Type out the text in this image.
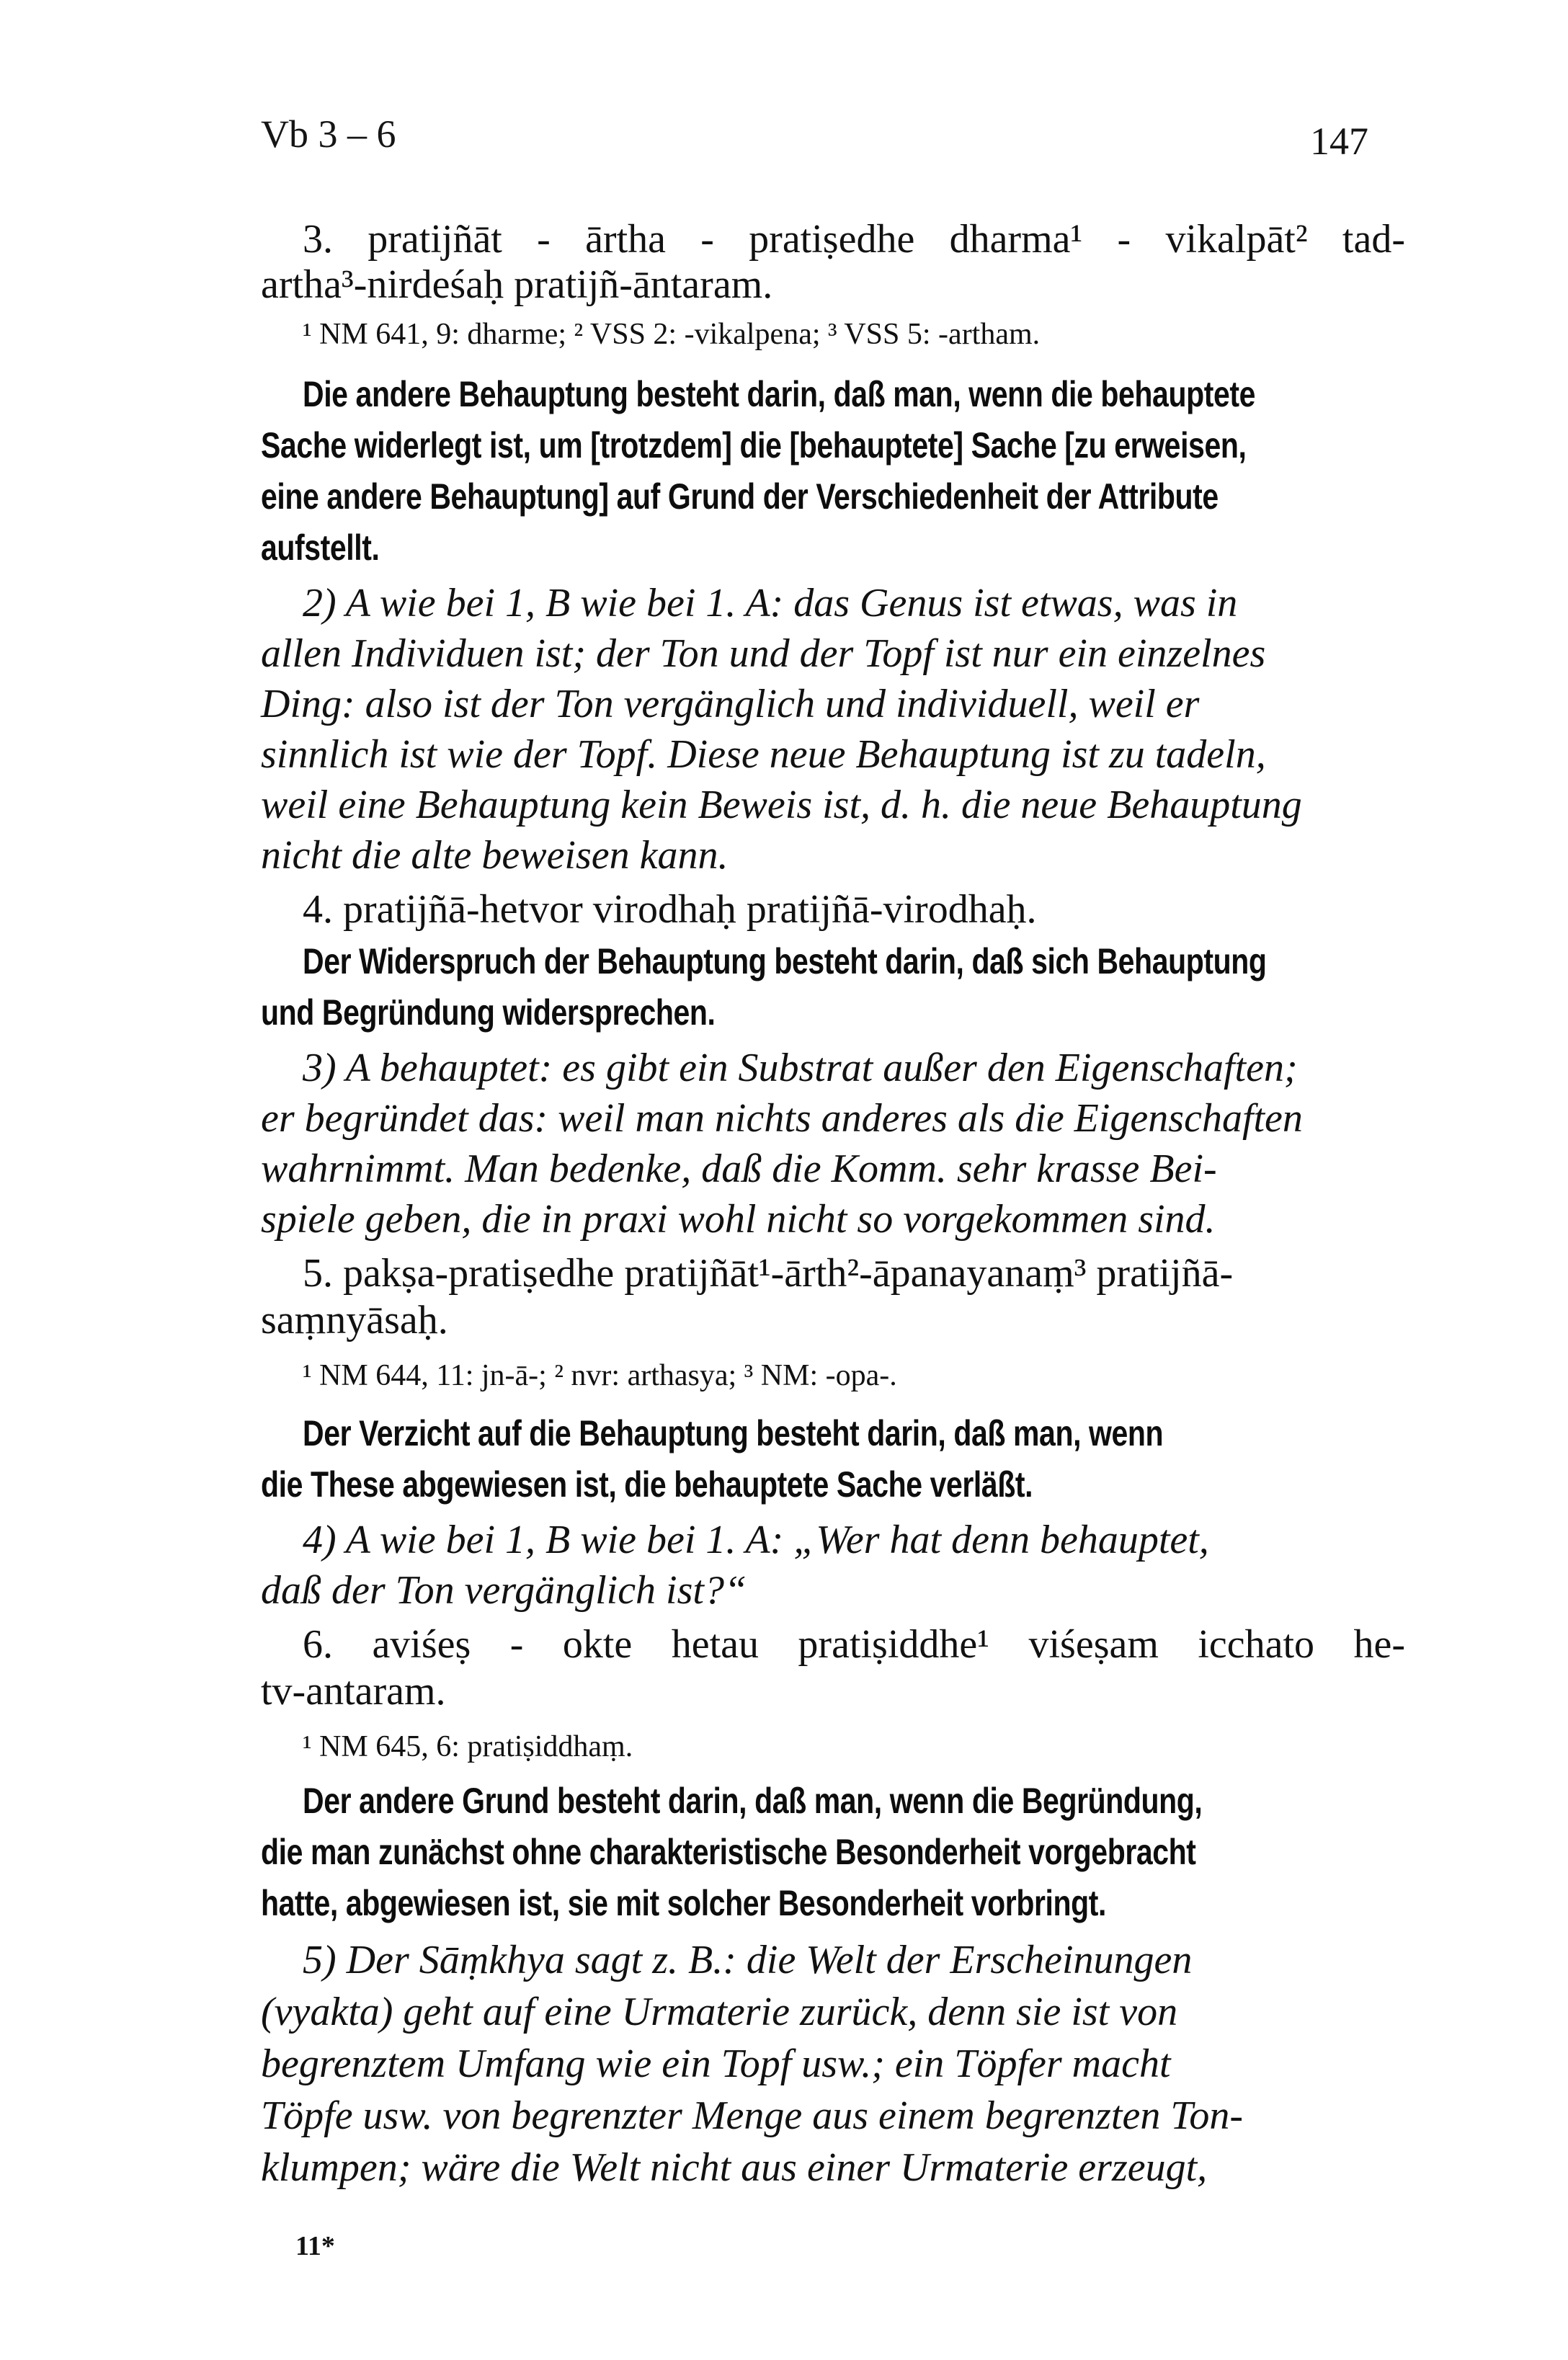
Vb 3 – 6	147
3. pratijñāt - ārtha - pratiṣedhe dharma¹ - vikalpāt² tad-
artha³-nirdeśaḥ pratijñ-āntaram.
¹ NM 641, 9: dharme; ² VSS 2: -vikalpena; ³ VSS 5: -artham.
Die andere Behauptung besteht darin, daß man, wenn die behauptete
Sache widerlegt ist, um [trotzdem] die [behauptete] Sache [zu erweisen,
eine andere Behauptung] auf Grund der Verschiedenheit der Attribute
aufstellt.
2) A wie bei 1, B wie bei 1. A: das Genus ist etwas, was in
allen Individuen ist; der Ton und der Topf ist nur ein einzelnes
Ding: also ist der Ton vergänglich und individuell, weil er
sinnlich ist wie der Topf. Diese neue Behauptung ist zu tadeln,
weil eine Behauptung kein Beweis ist, d. h. die neue Behauptung
nicht die alte beweisen kann.
4. pratijñā-hetvor virodhaḥ pratijñā-virodhaḥ.
Der Widerspruch der Behauptung besteht darin, daß sich Behauptung
und Begründung widersprechen.
3) A behauptet: es gibt ein Substrat außer den Eigenschaften;
er begründet das: weil man nichts anderes als die Eigenschaften
wahrnimmt. Man bedenke, daß die Komm. sehr krasse Bei-
spiele geben, die in praxi wohl nicht so vorgekommen sind.
5. pakṣa-pratiṣedhe pratijñāt¹-ārth²-āpanayanaṃ³ pratijñā-
saṃnyāsaḥ.
¹ NM 644, 11: jn-ā-; ² nvr: arthasya; ³ NM: -opa-.
Der Verzicht auf die Behauptung besteht darin, daß man, wenn
die These abgewiesen ist, die behauptete Sache verläßt.
4) A wie bei 1, B wie bei 1. A: „Wer hat denn behauptet,
daß der Ton vergänglich ist?“
6. aviśeṣ - okte hetau pratiṣiddhe¹ viśeṣam icchato he-
tv-antaram.
¹ NM 645, 6: pratiṣiddhaṃ.
Der andere Grund besteht darin, daß man, wenn die Begründung,
die man zunächst ohne charakteristische Besonderheit vorgebracht
hatte, abgewiesen ist, sie mit solcher Besonderheit vorbringt.
5) Der Sāṃkhya sagt z. B.: die Welt der Erscheinungen
(vyakta) geht auf eine Urmaterie zurück, denn sie ist von
begrenztem Umfang wie ein Topf usw.; ein Töpfer macht
Töpfe usw. von begrenzter Menge aus einem begrenzten Ton-
klumpen; wäre die Welt nicht aus einer Urmaterie erzeugt,
11*
